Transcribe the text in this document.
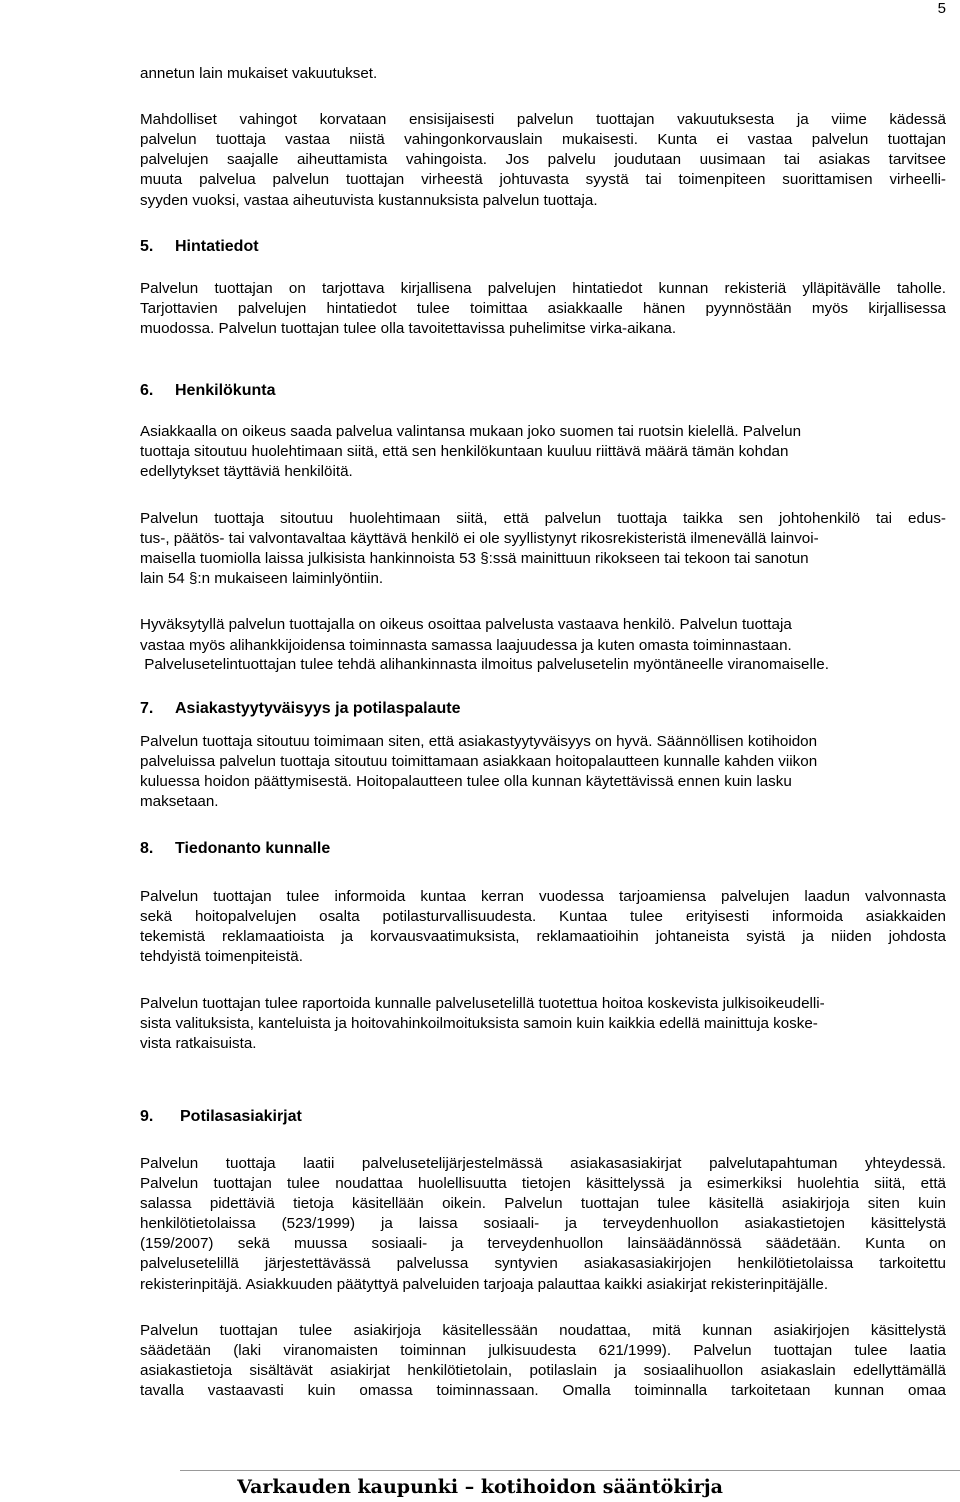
5
annetun lain mukaiset vakuutukset.
Mahdolliset vahingot korvataan ensisijaisesti palvelun tuottajan vakuutuksesta ja viime kädessä
palvelun tuottaja vastaa niistä vahingonkorvauslain mukaisesti. Kunta ei vastaa palvelun tuottajan
palvelujen saajalle aiheuttamista vahingoista. Jos palvelu joudutaan uusimaan tai asiakas tarvitsee
muuta palvelua palvelun tuottajan virheestä johtuvasta syystä tai toimenpiteen suorittamisen virheelli-
syyden vuoksi, vastaa aiheutuvista kustannuksista palvelun tuottaja.
5. Hintatiedot
Palvelun tuottajan on tarjottava kirjallisena palvelujen hintatiedot kunnan rekisteriä ylläpitävälle taholle.
Tarjottavien palvelujen hintatiedot tulee toimittaa asiakkaalle hänen pyynnöstään myös kirjallisessa
muodossa. Palvelun tuottajan tulee olla tavoitettavissa puhelimitse virka-aikana.
6. Henkilökunta
Asiakkaalla on oikeus saada palvelua valintansa mukaan joko suomen tai ruotsin kielellä. Palvelun
tuottaja sitoutuu huolehtimaan siitä, että sen henkilökuntaan kuuluu riittävä määrä tämän kohdan
edellytykset täyttäviä henkilöitä.
Palvelun tuottaja sitoutuu huolehtimaan siitä, että palvelun tuottaja taikka sen johtohenkilö tai edus-
tus-, päätös- tai valvontavaltaa käyttävä henkilö ei ole syyllistynyt rikosrekisteristä ilmenevällä lainvoi-
maisella tuomiolla laissa julkisista hankinnoista 53 §:ssä mainittuun rikokseen tai tekoon tai sanotun
lain 54 §:n mukaiseen laiminlyöntiin.
Hyväksytyllä palvelun tuottajalla on oikeus osoittaa palvelusta vastaava henkilö. Palvelun tuottaja
vastaa myös alihankkijoidensa toiminnasta samassa laajuudessa ja kuten omasta toiminnastaan.
Palvelusetelintuottajan tulee tehdä alihankinnasta ilmoitus palvelusetelin myöntäneelle viranomaiselle.
7. Asiakastyytyväisyys ja potilaspalaute
Palvelun tuottaja sitoutuu toimimaan siten, että asiakastyytyväisyys on hyvä. Säännöllisen kotihoidon
palveluissa palvelun tuottaja sitoutuu toimittamaan asiakkaan hoitopalautteen kunnalle kahden viikon
kuluessa hoidon päättymisestä. Hoitopalautteen tulee olla kunnan käytettävissä ennen kuin lasku
maksetaan.
8. Tiedonanto kunnalle
Palvelun tuottajan tulee informoida kuntaa kerran vuodessa tarjoamiensa palvelujen laadun valvonnasta
sekä hoitopalvelujen osalta potilasturvallisuudesta. Kuntaa tulee erityisesti informoida asiakkaiden
tekemistä reklamaatioista ja korvausvaatimuksista, reklamaatioihin johtaneista syistä ja niiden johdosta
tehdyistä toimenpiteistä.
Palvelun tuottajan tulee raportoida kunnalle palvelusetelillä tuotettua hoitoa koskevista julkisoikeudelli-
sista valituksista, kanteluista ja hoitovahinkoilmoituksista samoin kuin kaikkia edellä mainittuja koske-
vista ratkaisuista.
9. Potilasasiakirjat
Palvelun tuottaja laatii palvelusetelijärjestelmässä asiakasasiakirjat palvelutapahtuman yhteydessä.
Palvelun tuottajan tulee noudattaa huolellisuutta tietojen käsittelyssä ja esimerkiksi huolehtia siitä, että
salassa pidettäviä tietoja käsitellään oikein. Palvelun tuottajan tulee käsitellä asiakirjoja siten kuin
henkilötietolaissa (523/1999) ja laissa sosiaali- ja terveydenhuollon asiakastietojen käsittelystä
(159/2007) sekä muussa sosiaali- ja terveydenhuollon lainsäädännössä säädetään. Kunta on
palvelusetelillä järjestettävässä palvelussa syntyvien asiakasasiakirjojen henkilötietolaissa tarkoitettu
rekisterinpitäjä. Asiakkuuden päätyttyä palveluiden tarjoaja palauttaa kaikki asiakirjat rekisterinpitäjälle.
Palvelun tuottajan tulee asiakirjoja käsitellessään noudattaa, mitä kunnan asiakirjojen käsittelystä
säädetään (laki viranomaisten toiminnan julkisuudesta 621/1999). Palvelun tuottajan tulee laatia
asiakastietoja sisältävät asiakirjat henkilötietolain, potilaslain ja sosiaalihuollon asiakaslain edellyttämällä
tavalla vastaavasti kuin omassa toiminnassaan. Omalla toiminnalla tarkoitetaan kunnan omaa
Varkauden kaupunki – kotihoidon sääntökirja
